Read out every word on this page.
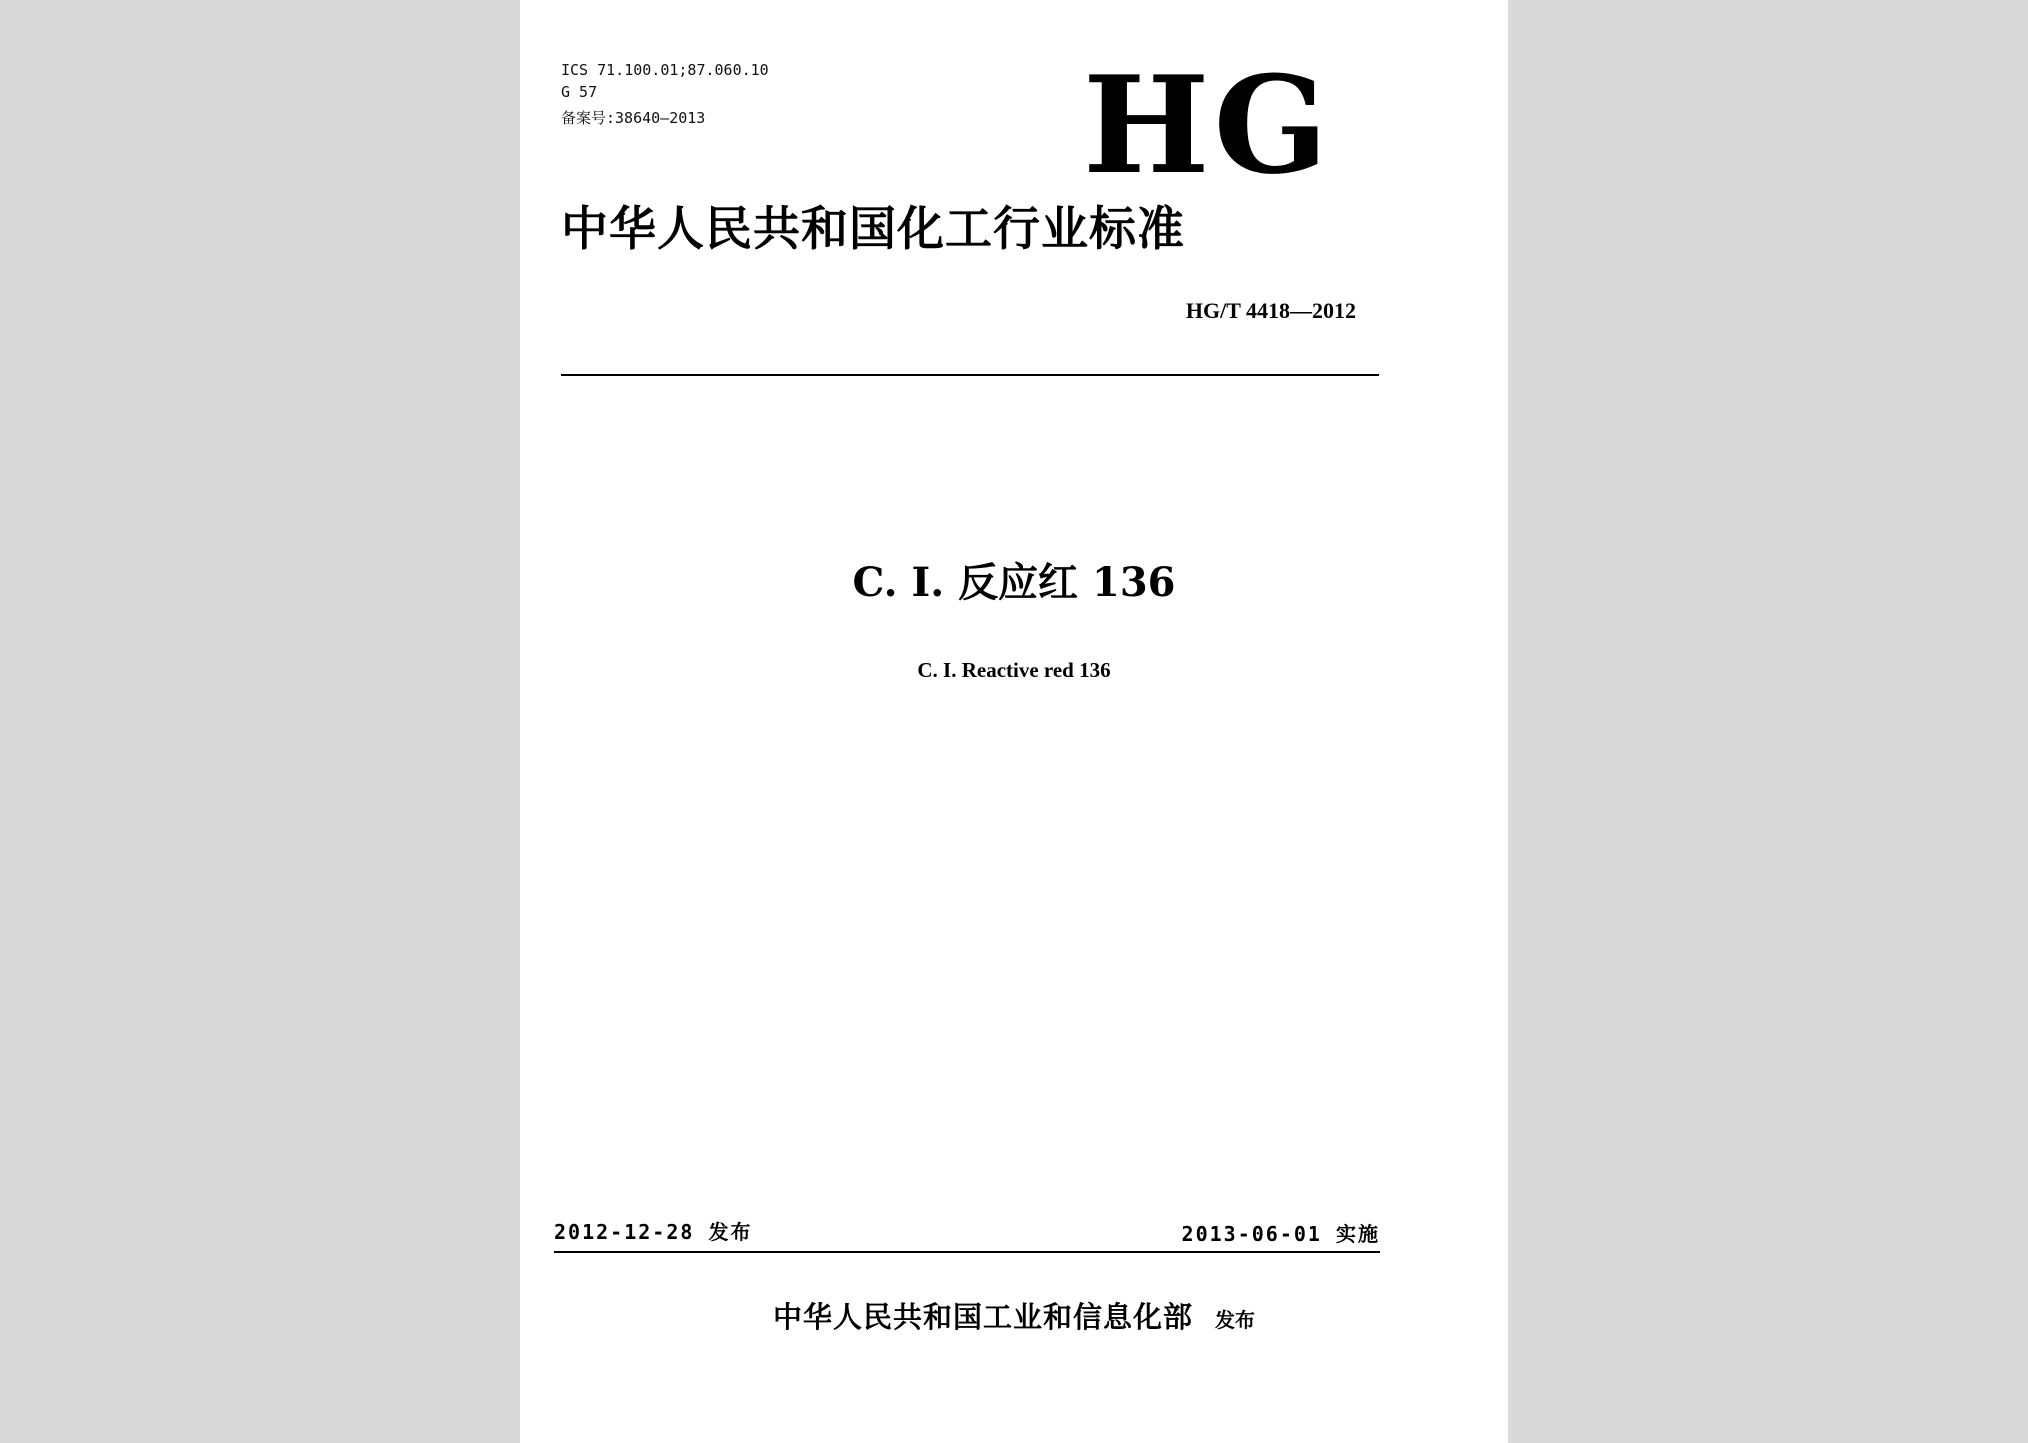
ICS 71.100.01;87.060.10
G 57
备案号:38640—2013	HG
中华人民共和国化工行业标准
HG/T 4418—2012
C. I. 反应红 136
C. I. Reactive red 136
2012-12-28 发布	2013-06-01 实施
中华人民共和国工业和信息化部 发布
